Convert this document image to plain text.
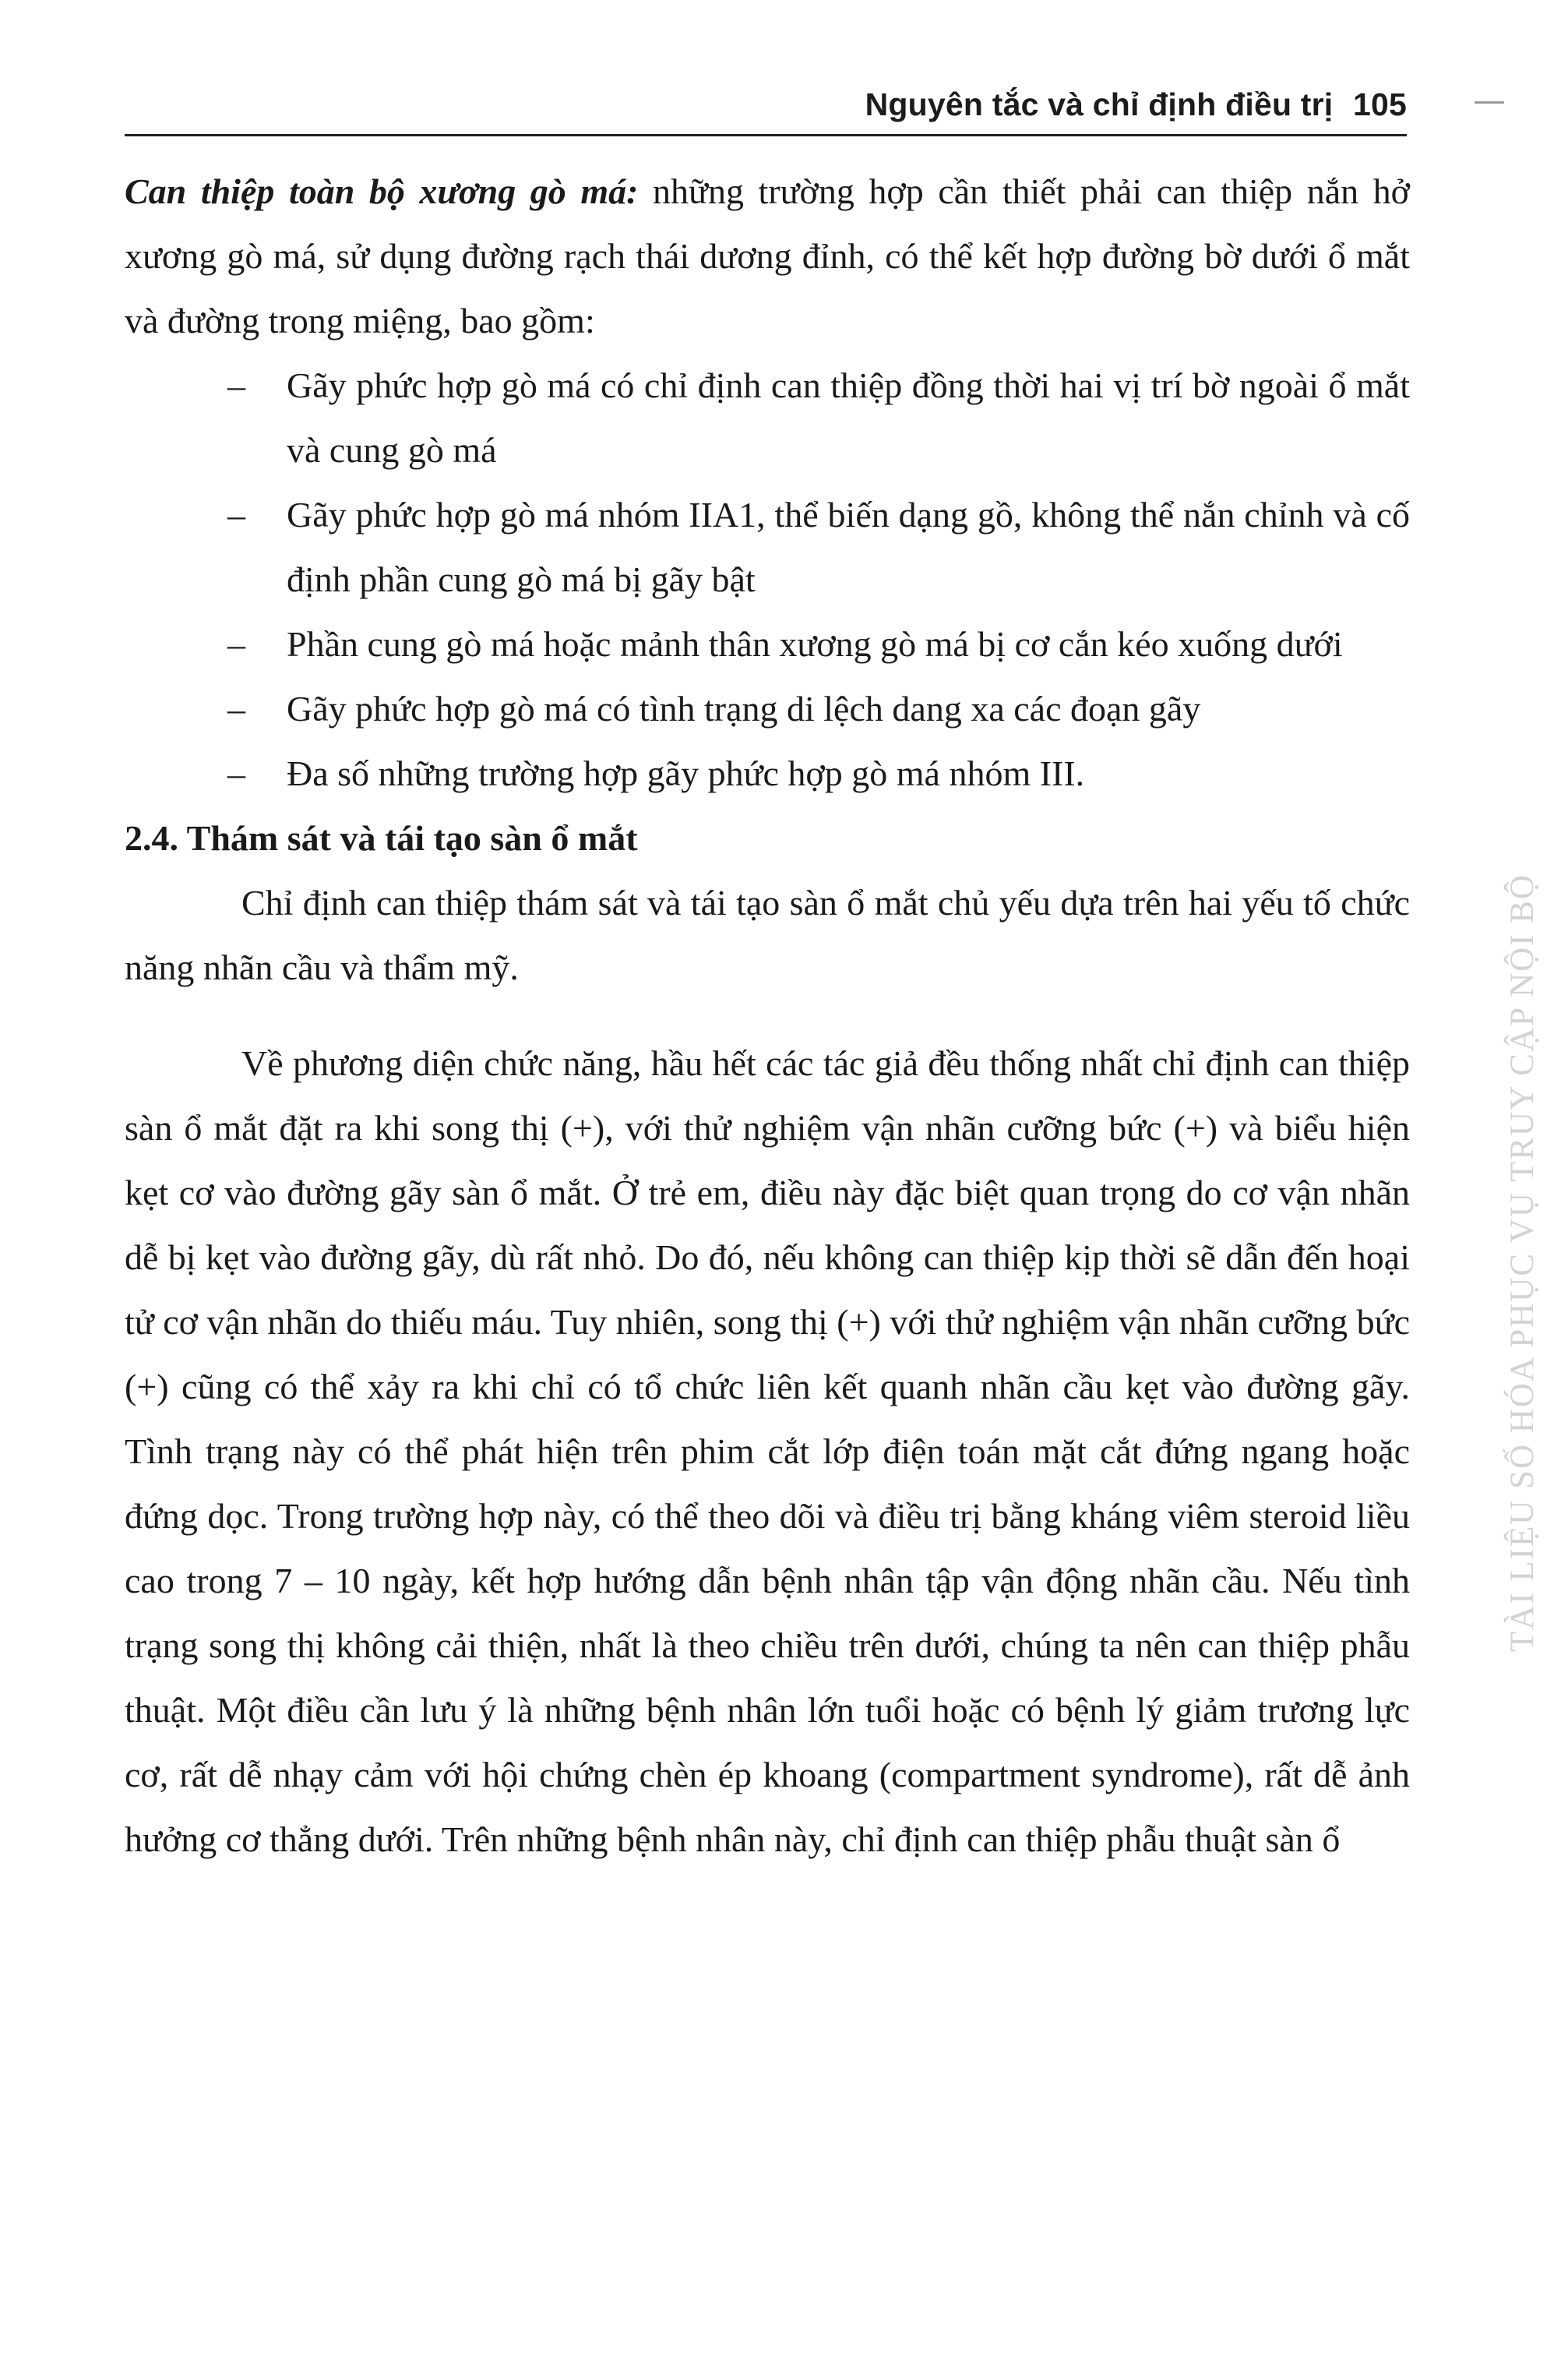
Nguyên tắc và chỉ định điều trị 105

Can thiệp toàn bộ xương gò má: những trường hợp cần thiết phải can thiệp nắn hở xương gò má, sử dụng đường rạch thái dương đỉnh, có thể kết hợp đường bờ dưới ổ mắt và đường trong miệng, bao gồm:

– Gãy phức hợp gò má có chỉ định can thiệp đồng thời hai vị trí bờ ngoài ổ mắt và cung gò má
– Gãy phức hợp gò má nhóm IIA1, thể biến dạng gồ, không thể nắn chỉnh và cố định phần cung gò má bị gãy bật
– Phần cung gò má hoặc mảnh thân xương gò má bị cơ cắn kéo xuống dưới
– Gãy phức hợp gò má có tình trạng di lệch dang xa các đoạn gãy
– Đa số những trường hợp gãy phức hợp gò má nhóm III.
2.4. Thám sát và tái tạo sàn ổ mắt

Chỉ định can thiệp thám sát và tái tạo sàn ổ mắt chủ yếu dựa trên hai yếu tố chức năng nhãn cầu và thẩm mỹ.

Về phương diện chức năng, hầu hết các tác giả đều thống nhất chỉ định can thiệp sàn ổ mắt đặt ra khi song thị (+), với thử nghiệm vận nhãn cưỡng bức (+) và biểu hiện kẹt cơ vào đường gãy sàn ổ mắt. Ở trẻ em, điều này đặc biệt quan trọng do cơ vận nhãn dễ bị kẹt vào đường gãy, dù rất nhỏ. Do đó, nếu không can thiệp kịp thời sẽ dẫn đến hoại tử cơ vận nhãn do thiếu máu. Tuy nhiên, song thị (+) với thử nghiệm vận nhãn cưỡng bức (+) cũng có thể xảy ra khi chỉ có tổ chức liên kết quanh nhãn cầu kẹt vào đường gãy. Tình trạng này có thể phát hiện trên phim cắt lớp điện toán mặt cắt đứng ngang hoặc đứng dọc. Trong trường hợp này, có thể theo dõi và điều trị bằng kháng viêm steroid liều cao trong 7 – 10 ngày, kết hợp hướng dẫn bệnh nhân tập vận động nhãn cầu. Nếu tình trạng song thị không cải thiện, nhất là theo chiều trên dưới, chúng ta nên can thiệp phẫu thuật. Một điều cần lưu ý là những bệnh nhân lớn tuổi hoặc có bệnh lý giảm trương lực cơ, rất dễ nhạy cảm với hội chứng chèn ép khoang (compartment syndrome), rất dễ ảnh hưởng cơ thẳng dưới. Trên những bệnh nhân này, chỉ định can thiệp phẫu thuật sàn ổ

TÀI LIỆU SỐ HÓA PHỤC VỤ TRUY CẬP NỘI BỘ
